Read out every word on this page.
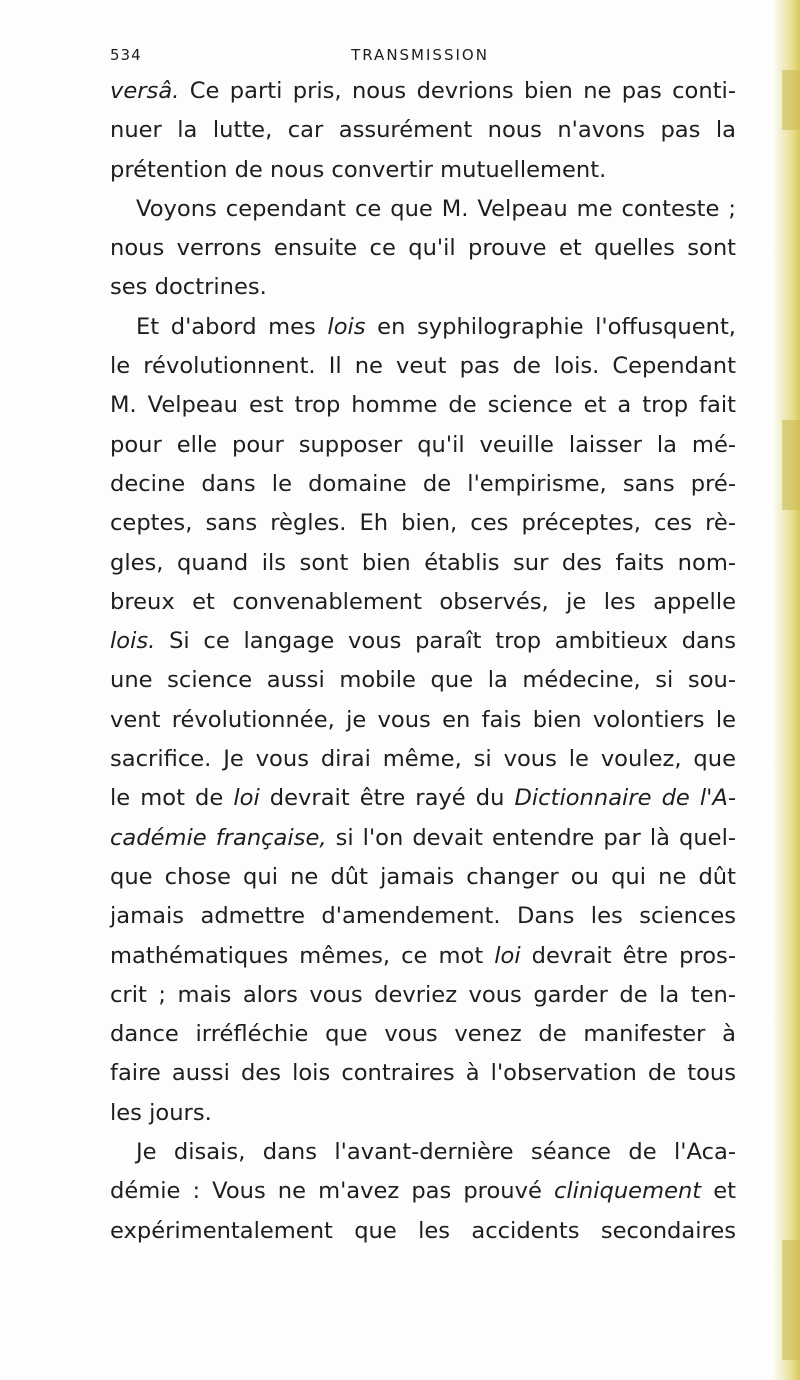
534	TRANSMISSION
versâ. Ce parti pris, nous devrions bien ne pas conti-
nuer la lutte, car assurément nous n'avons pas la
prétention de nous convertir mutuellement.
Voyons cependant ce que M. Velpeau me conteste ;
nous verrons ensuite ce qu'il prouve et quelles sont
ses doctrines.
Et d'abord mes lois en syphilographie l'offusquent,
le révolutionnent. Il ne veut pas de lois. Cependant
M. Velpeau est trop homme de science et a trop fait
pour elle pour supposer qu'il veuille laisser la mé-
decine dans le domaine de l'empirisme, sans pré-
ceptes, sans règles. Eh bien, ces préceptes, ces rè-
gles, quand ils sont bien établis sur des faits nom-
breux et convenablement observés, je les appelle
lois. Si ce langage vous paraît trop ambitieux dans
une science aussi mobile que la médecine, si sou-
vent révolutionnée, je vous en fais bien volontiers le
sacrifice. Je vous dirai même, si vous le voulez, que
le mot de loi devrait être rayé du Dictionnaire de l'A-
cadémie française, si l'on devait entendre par là quel-
que chose qui ne dût jamais changer ou qui ne dût
jamais admettre d'amendement. Dans les sciences
mathématiques mêmes, ce mot loi devrait être pros-
crit ; mais alors vous devriez vous garder de la ten-
dance irréfléchie que vous venez de manifester à
faire aussi des lois contraires à l'observation de tous
les jours.
Je disais, dans l'avant-dernière séance de l'Aca-
démie : Vous ne m'avez pas prouvé cliniquement et
expérimentalement que les accidents secondaires
